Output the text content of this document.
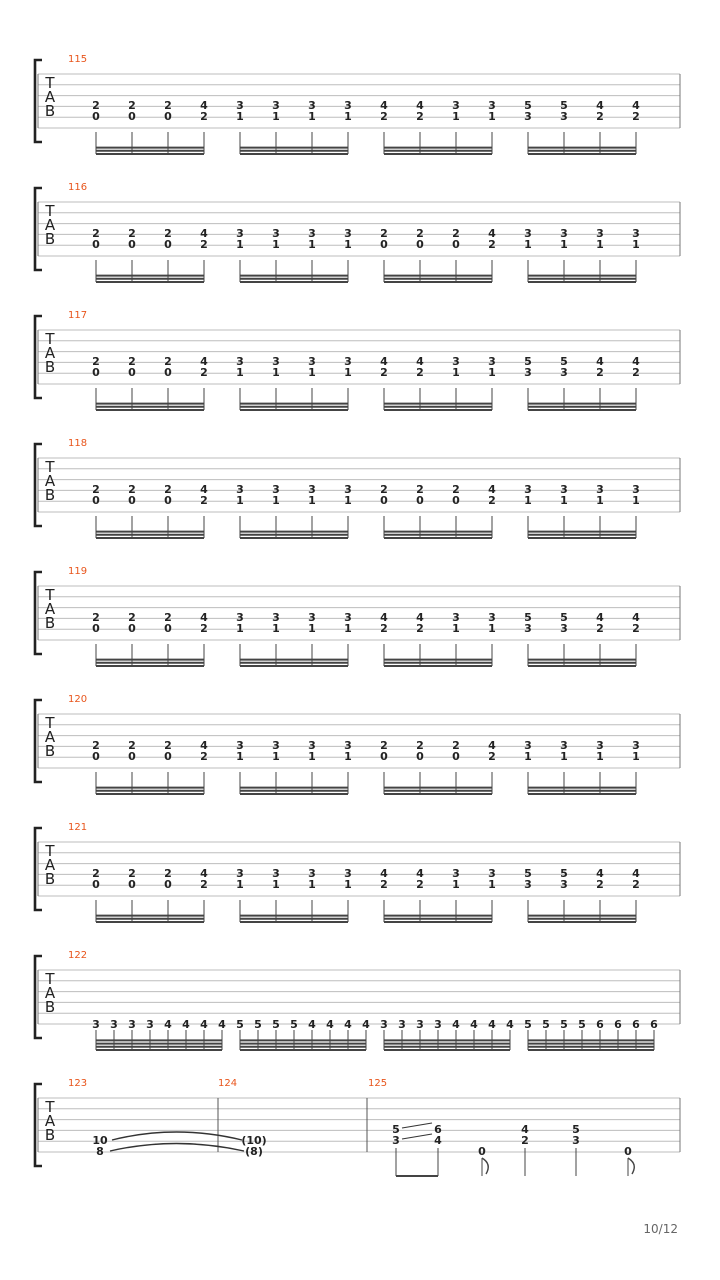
T
A
B
115
2
0
2
0
2
0
4
2
3
1
3
1
3
1
3
1
4
2
4
2
3
1
3
1
5
3
5
3
4
2
4
2
T
A
B
116
2
0
2
0
2
0
4
2
3
1
3
1
3
1
3
1
2
0
2
0
2
0
4
2
3
1
3
1
3
1
3
1
T
A
B
117
2
0
2
0
2
0
4
2
3
1
3
1
3
1
3
1
4
2
4
2
3
1
3
1
5
3
5
3
4
2
4
2
T
A
B
118
2
0
2
0
2
0
4
2
3
1
3
1
3
1
3
1
2
0
2
0
2
0
4
2
3
1
3
1
3
1
3
1
T
A
B
119
2
0
2
0
2
0
4
2
3
1
3
1
3
1
3
1
4
2
4
2
3
1
3
1
5
3
5
3
4
2
4
2
T
A
B
120
2
0
2
0
2
0
4
2
3
1
3
1
3
1
3
1
2
0
2
0
2
0
4
2
3
1
3
1
3
1
3
1
T
A
B
121
2
0
2
0
2
0
4
2
3
1
3
1
3
1
3
1
4
2
4
2
3
1
3
1
5
3
5
3
4
2
4
2
T
A
B
122
3 3 3 3 4 4 4 4 5 5 5 5 4 4 4 4 3 3 3 3 4 4 4 4 5 5 5 5 6 6 6 6
T
A
B
123	124	125
10
8
(10)
(8)
5
3
6
4
0
4
2
5
3
0
10/12
